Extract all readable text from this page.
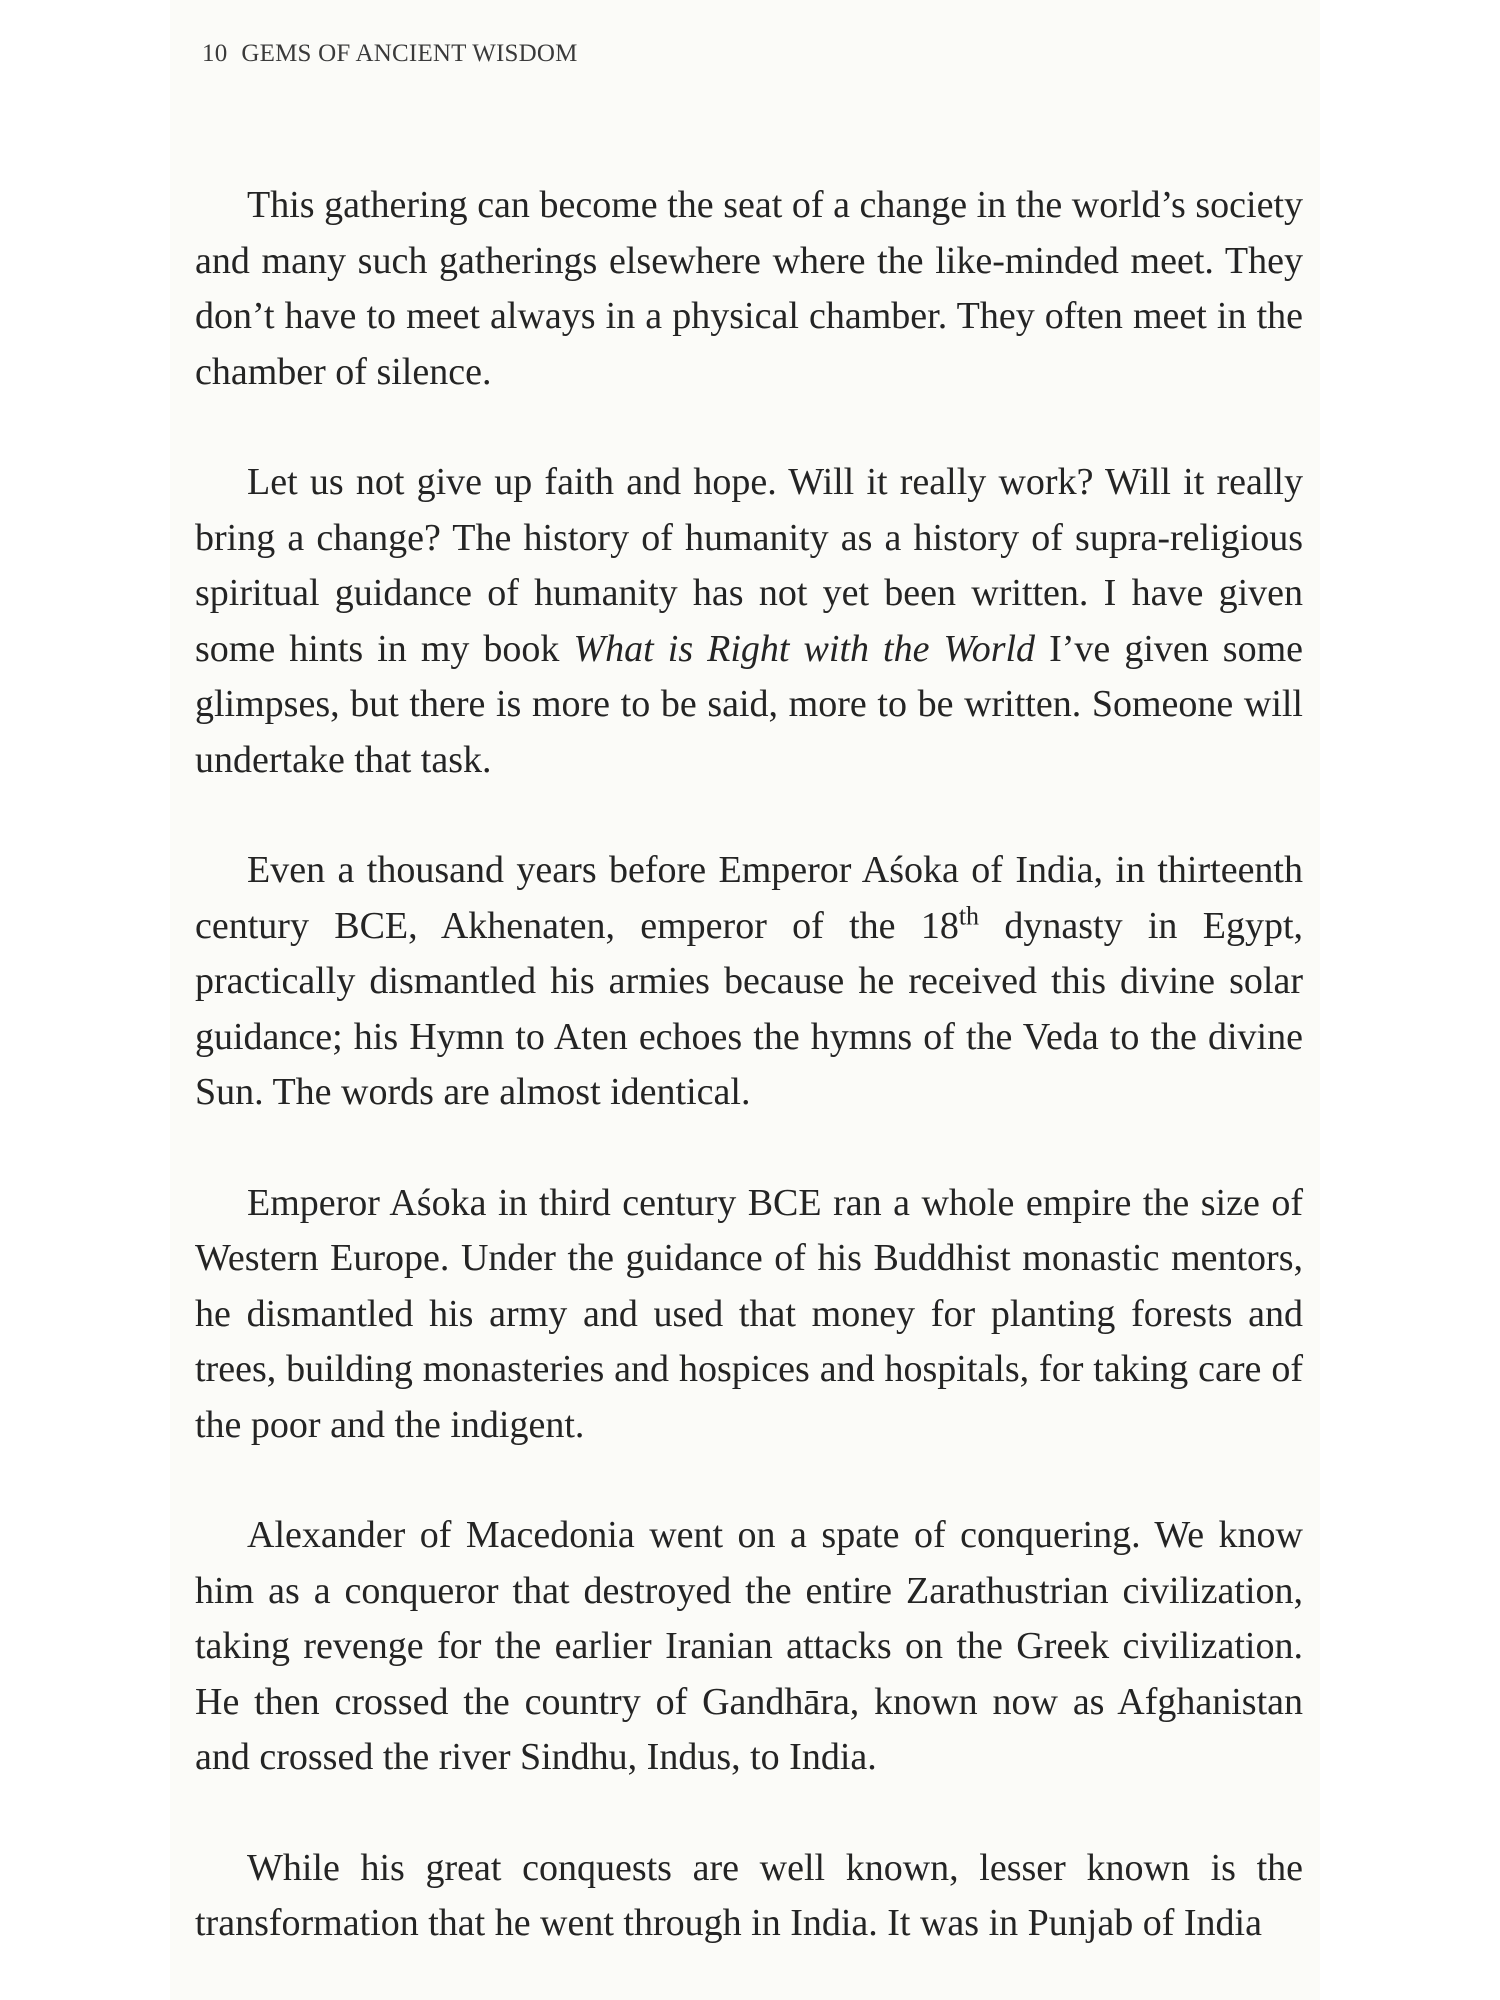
10 GEMS OF ANCIENT WISDOM

This gathering can become the seat of a change in the world’s society and many such gatherings elsewhere where the like-minded meet. They don’t have to meet always in a physical chamber. They often meet in the chamber of silence.

Let us not give up faith and hope. Will it really work? Will it really bring a change? The history of humanity as a history of supra-religious spiritual guidance of humanity has not yet been written. I have given some hints in my book What is Right with the World I’ve given some glimpses, but there is more to be said, more to be written. Someone will undertake that task.

Even a thousand years before Emperor Aśoka of India, in thirteenth century BCE, Akhenaten, emperor of the 18th dynasty in Egypt, practically dismantled his armies because he received this divine solar guidance; his Hymn to Aten echoes the hymns of the Veda to the divine Sun. The words are almost identical.

Emperor Aśoka in third century BCE ran a whole empire the size of Western Europe. Under the guidance of his Buddhist monastic mentors, he dismantled his army and used that money for planting forests and trees, building monasteries and hospices and hospitals, for taking care of the poor and the indigent.

Alexander of Macedonia went on a spate of conquering. We know him as a conqueror that destroyed the entire Zarathustrian civilization, taking revenge for the earlier Iranian attacks on the Greek civilization. He then crossed the country of Gandhāra, known now as Afghanistan and crossed the river Sindhu, Indus, to India.

While his great conquests are well known, lesser known is the transformation that he went through in India. It was in Punjab of India
